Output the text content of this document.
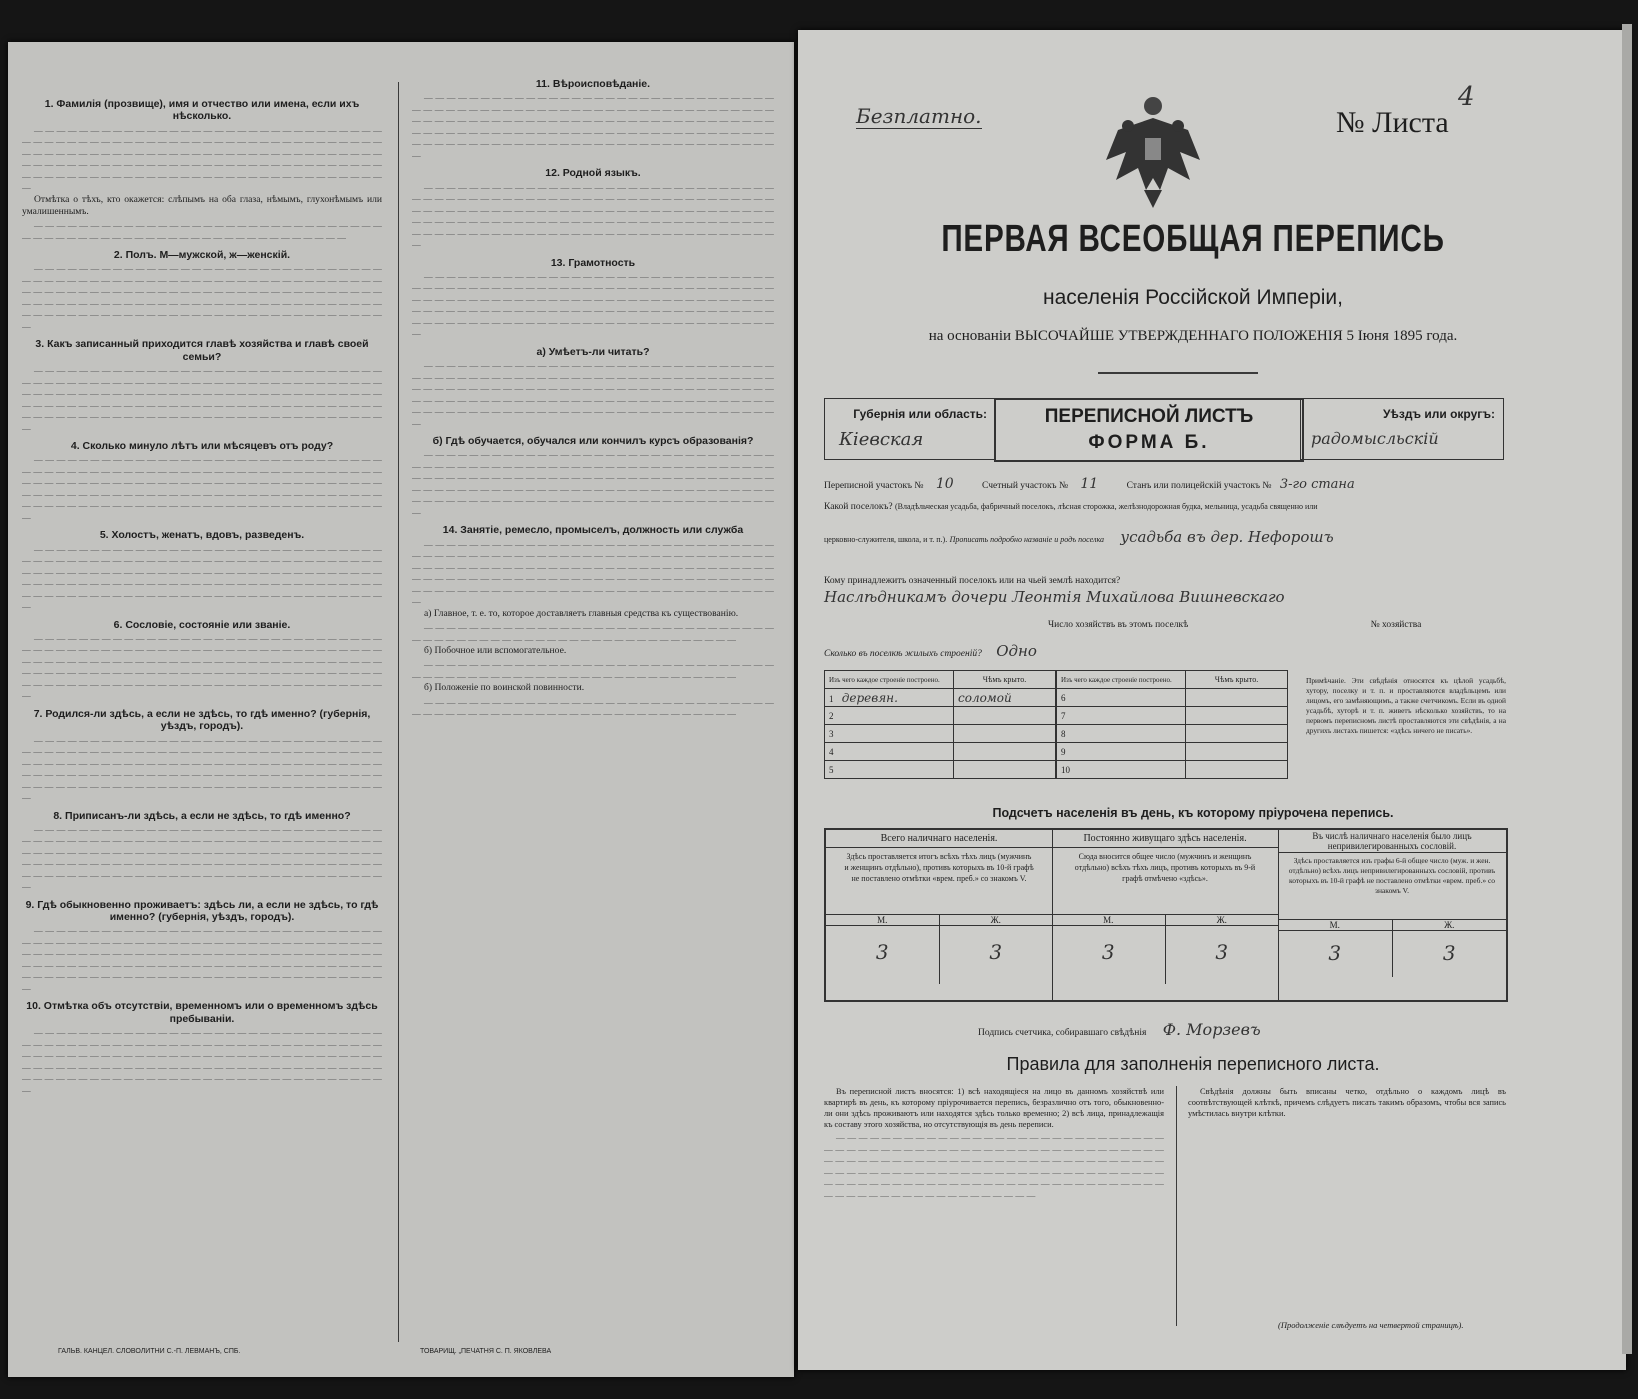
1. Фамилія (прозвище), имя и отчество или имена, если ихъ нѣсколько.
— — — — — — — — — — — — — — — — — — — — — — — — — — — — — — — — — — — — — — — — — — — — — — — — — — — — — — — — — — — — — — — — — — — — — — — — — — — — — — — — — — — — — — — — — — — — — — — — — — — — — — — — — — — — — — — — — — — — — — — — — — — — — — — — — — — — — — — — — — — — — — — — — — — — — — — — — — — — — — — —

Отмѣтка о тѣхъ, кто окажется: слѣпымъ на оба глаза, нѣмымъ, глухонѣмымъ или умалишеннымъ.

— — — — — — — — — — — — — — — — — — — — — — — — — — — — — — — — — — — — — — — — — — — — — — — — — — — — — — — — — — — —
2. Полъ. М—мужской, ж—женскій.
— — — — — — — — — — — — — — — — — — — — — — — — — — — — — — — — — — — — — — — — — — — — — — — — — — — — — — — — — — — — — — — — — — — — — — — — — — — — — — — — — — — — — — — — — — — — — — — — — — — — — — — — — — — — — — — — — — — — — — — — — — — — — — — — — — — — — — — — — — — — — — — — — — — — — — — — — — — — — — — —
3. Какъ записанный приходится главѣ хозяйства и главѣ своей семьи?
— — — — — — — — — — — — — — — — — — — — — — — — — — — — — — — — — — — — — — — — — — — — — — — — — — — — — — — — — — — — — — — — — — — — — — — — — — — — — — — — — — — — — — — — — — — — — — — — — — — — — — — — — — — — — — — — — — — — — — — — — — — — — — — — — — — — — — — — — — — — — — — — — — — — — — — — — — — — — — — —
4. Сколько минуло лѣтъ или мѣсяцевъ отъ роду?
— — — — — — — — — — — — — — — — — — — — — — — — — — — — — — — — — — — — — — — — — — — — — — — — — — — — — — — — — — — — — — — — — — — — — — — — — — — — — — — — — — — — — — — — — — — — — — — — — — — — — — — — — — — — — — — — — — — — — — — — — — — — — — — — — — — — — — — — — — — — — — — — — — — — — — — — — — — — — — — —
5. Холостъ, женатъ, вдовъ, разведенъ.
— — — — — — — — — — — — — — — — — — — — — — — — — — — — — — — — — — — — — — — — — — — — — — — — — — — — — — — — — — — — — — — — — — — — — — — — — — — — — — — — — — — — — — — — — — — — — — — — — — — — — — — — — — — — — — — — — — — — — — — — — — — — — — — — — — — — — — — — — — — — — — — — — — — — — — — — — — — — — — — —
6. Сословіе, состояніе или званіе.
— — — — — — — — — — — — — — — — — — — — — — — — — — — — — — — — — — — — — — — — — — — — — — — — — — — — — — — — — — — — — — — — — — — — — — — — — — — — — — — — — — — — — — — — — — — — — — — — — — — — — — — — — — — — — — — — — — — — — — — — — — — — — — — — — — — — — — — — — — — — — — — — — — — — — — — — — — — — — — — —
7. Родился-ли здѣсь, а если не здѣсь, то гдѣ именно? (губернія, уѣздъ, городъ).
— — — — — — — — — — — — — — — — — — — — — — — — — — — — — — — — — — — — — — — — — — — — — — — — — — — — — — — — — — — — — — — — — — — — — — — — — — — — — — — — — — — — — — — — — — — — — — — — — — — — — — — — — — — — — — — — — — — — — — — — — — — — — — — — — — — — — — — — — — — — — — — — — — — — — — — — — — — — — — — —
8. Приписанъ-ли здѣсь, а если не здѣсь, то гдѣ именно?
— — — — — — — — — — — — — — — — — — — — — — — — — — — — — — — — — — — — — — — — — — — — — — — — — — — — — — — — — — — — — — — — — — — — — — — — — — — — — — — — — — — — — — — — — — — — — — — — — — — — — — — — — — — — — — — — — — — — — — — — — — — — — — — — — — — — — — — — — — — — — — — — — — — — — — — — — — — — — — — —
9. Гдѣ обыкновенно проживаетъ: здѣсь ли, а если не здѣсь, то гдѣ именно? (губернія, уѣздъ, городъ).
— — — — — — — — — — — — — — — — — — — — — — — — — — — — — — — — — — — — — — — — — — — — — — — — — — — — — — — — — — — — — — — — — — — — — — — — — — — — — — — — — — — — — — — — — — — — — — — — — — — — — — — — — — — — — — — — — — — — — — — — — — — — — — — — — — — — — — — — — — — — — — — — — — — — — — — — — — — — — — — —
10. Отмѣтка объ отсутствіи, временномъ или о временномъ здѣсь пребываніи.
— — — — — — — — — — — — — — — — — — — — — — — — — — — — — — — — — — — — — — — — — — — — — — — — — — — — — — — — — — — — — — — — — — — — — — — — — — — — — — — — — — — — — — — — — — — — — — — — — — — — — — — — — — — — — — — — — — — — — — — — — — — — — — — — — — — — — — — — — — — — — — — — — — — — — — — — — — — — — — — —
11. Вѣроисповѣданіе.
— — — — — — — — — — — — — — — — — — — — — — — — — — — — — — — — — — — — — — — — — — — — — — — — — — — — — — — — — — — — — — — — — — — — — — — — — — — — — — — — — — — — — — — — — — — — — — — — — — — — — — — — — — — — — — — — — — — — — — — — — — — — — — — — — — — — — — — — — — — — — — — — — — — — — — — — — — — — — — — —
12. Родной языкъ.
— — — — — — — — — — — — — — — — — — — — — — — — — — — — — — — — — — — — — — — — — — — — — — — — — — — — — — — — — — — — — — — — — — — — — — — — — — — — — — — — — — — — — — — — — — — — — — — — — — — — — — — — — — — — — — — — — — — — — — — — — — — — — — — — — — — — — — — — — — — — — — — — — — — — — — — — — — — — — — — —
13. Грамотность
— — — — — — — — — — — — — — — — — — — — — — — — — — — — — — — — — — — — — — — — — — — — — — — — — — — — — — — — — — — — — — — — — — — — — — — — — — — — — — — — — — — — — — — — — — — — — — — — — — — — — — — — — — — — — — — — — — — — — — — — — — — — — — — — — — — — — — — — — — — — — — — — — — — — — — — — — — — — — — — —
а) Умѣетъ-ли читать?
— — — — — — — — — — — — — — — — — — — — — — — — — — — — — — — — — — — — — — — — — — — — — — — — — — — — — — — — — — — — — — — — — — — — — — — — — — — — — — — — — — — — — — — — — — — — — — — — — — — — — — — — — — — — — — — — — — — — — — — — — — — — — — — — — — — — — — — — — — — — — — — — — — — — — — — — — — — — — — — —
б) Гдѣ обучается, обучался или кончилъ курсъ образованія?
— — — — — — — — — — — — — — — — — — — — — — — — — — — — — — — — — — — — — — — — — — — — — — — — — — — — — — — — — — — — — — — — — — — — — — — — — — — — — — — — — — — — — — — — — — — — — — — — — — — — — — — — — — — — — — — — — — — — — — — — — — — — — — — — — — — — — — — — — — — — — — — — — — — — — — — — — — — — — — — —
14. Занятіе, ремесло, промыселъ, должность или служба
— — — — — — — — — — — — — — — — — — — — — — — — — — — — — — — — — — — — — — — — — — — — — — — — — — — — — — — — — — — — — — — — — — — — — — — — — — — — — — — — — — — — — — — — — — — — — — — — — — — — — — — — — — — — — — — — — — — — — — — — — — — — — — — — — — — — — — — — — — — — — — — — — — — — — — — — — — — — — — — —

а) Главное, т. е. то, которое доставляетъ главныя средства къ существованію.

— — — — — — — — — — — — — — — — — — — — — — — — — — — — — — — — — — — — — — — — — — — — — — — — — — — — — — — — — — — —

б) Побочное или вспомогательное.

— — — — — — — — — — — — — — — — — — — — — — — — — — — — — — — — — — — — — — — — — — — — — — — — — — — — — — — — — — — —

б) Положеніе по воинской повинности.

— — — — — — — — — — — — — — — — — — — — — — — — — — — — — — — — — — — — — — — — — — — — — — — — — — — — — — — — — — — —
ГАЛЬВ. КАНЦЕЛ. СЛОВОЛИТНИ С.-П. ЛЕВМАНЪ, СПБ.	ТОВАРИЩ. „ПЕЧАТНЯ С. П. ЯКОВЛЕВА
Безплатно.	№ Листа
4
ПЕРВАЯ ВСЕОБЩАЯ ПЕРЕПИСЬ
населенія Россійской Имперіи,
на основаніи ВЫСОЧАЙШЕ УТВЕРЖДЕННАГО ПОЛОЖЕНІЯ 5 Іюня 1895 года.
Губернія или область:
Кіевская
ПЕРЕПИСНОЙ ЛИСТЪ
ФОРМА Б.
Уѣздъ или округъ:
радомысльскій
Переписной участокъ № 10	Счетный участокъ № 11	Станъ или полицейскій участокъ № 3-го стана
Какой поселокъ? (Владѣльческая усадьба, фабричный поселокъ, лѣсная сторожка, желѣзнодорожная будка, мельница, усадьба священно или
церковно-служителя, школа, и т. п.). Прописать подробно названіе и родъ поселка усадьба въ дер. Нефорошъ
Кому принадлежитъ означенный поселокъ или на чьей землѣ находится?
Наслѣдникамъ дочери Леонтія Михайлова Вишневскаго
Число хозяйствъ въ этомъ поселкѣ	№ хозяйства
Сколько въ поселкѣ жилыхъ строеній? Одно
Изъ чего каждое строеніе построено.	Чѣмъ крыто.
1 деревян.	соломой
2	
3	
4	
5	
Изъ чего каждое строеніе построено.	Чѣмъ крыто.
6	
7	
8	
9	
10	
Примѣчаніе. Эти свѣдѣнія относятся къ цѣлой усадьбѣ, хутору, поселку и т. п. и проставляются владѣльцемъ или лицомъ, его замѣняющимъ, а также счетчикомъ. Если въ одной усадьбѣ, хуторѣ и т. п. живетъ нѣсколько хозяйствъ, то на первомъ переписномъ листѣ проставляются эти свѣдѣнія, а на другихъ листахъ пишется: «здѣсь ничего не писать».
Подсчетъ населенія въ день, къ которому пріурочена перепись.
Всего наличнаго населенія.
Здѣсь проставляется итогъ всѣхъ тѣхъ лицъ (мужчинъ и женщинъ отдѣльно), противъ которыхъ въ 10-й графѣ не поставлено отмѣтки «врем. преб.» со знакомъ V.
М.	Ж.
3	3
Постоянно живущаго здѣсь населенія.
Сюда вносится общее число (мужчинъ и женщинъ отдѣльно) всѣхъ тѣхъ лицъ, противъ которыхъ въ 9-й графѣ отмѣчено «здѣсь».
М.	Ж.
3	3
Въ числѣ наличнаго населенія было лицъ непривилегированныхъ сословій.
Здѣсь проставляется изъ графы 6-й общее число (муж. и жен. отдѣльно) всѣхъ лицъ непривилегированныхъ сословій, противъ которыхъ въ 10-й графѣ не поставлено отмѣтки «врем. преб.» со знакомъ V.
М.	Ж.
3	3
Подпись счетчика, собиравшаго свѣдѣнія Ф. Морзевъ
Правила для заполненія переписного листа.

Въ переписной листъ вносятся: 1) всѣ находящіеся на лицо въ данномъ хозяйствѣ или квартирѣ въ день, къ которому пріурочивается перепись, безразлично отъ того, обыкновенно-ли они здѣсь проживаютъ или находятся здѣсь только временно; 2) всѣ лица, принадлежащія къ составу этого хозяйства, но отсутствующія въ день переписи.

— — — — — — — — — — — — — — — — — — — — — — — — — — — — — — — — — — — — — — — — — — — — — — — — — — — — — — — — — — — — — — — — — — — — — — — — — — — — — — — — — — — — — — — — — — — — — — — — — — — — — — — — — — — — — — — — — — — — — — — — — — — — — — — — — — — — — — — — — — — — — — — — — — — — — — — — — — — — — — — — — — — — — — — —

Свѣдѣнія должны быть вписаны четко, отдѣльно о каждомъ лицѣ въ соотвѣтствующей клѣткѣ, причемъ слѣдуетъ писать такимъ образомъ, чтобы вся запись умѣстилась внутри клѣтки.

(Продолженіе слѣдуетъ на четвертой страницѣ).
